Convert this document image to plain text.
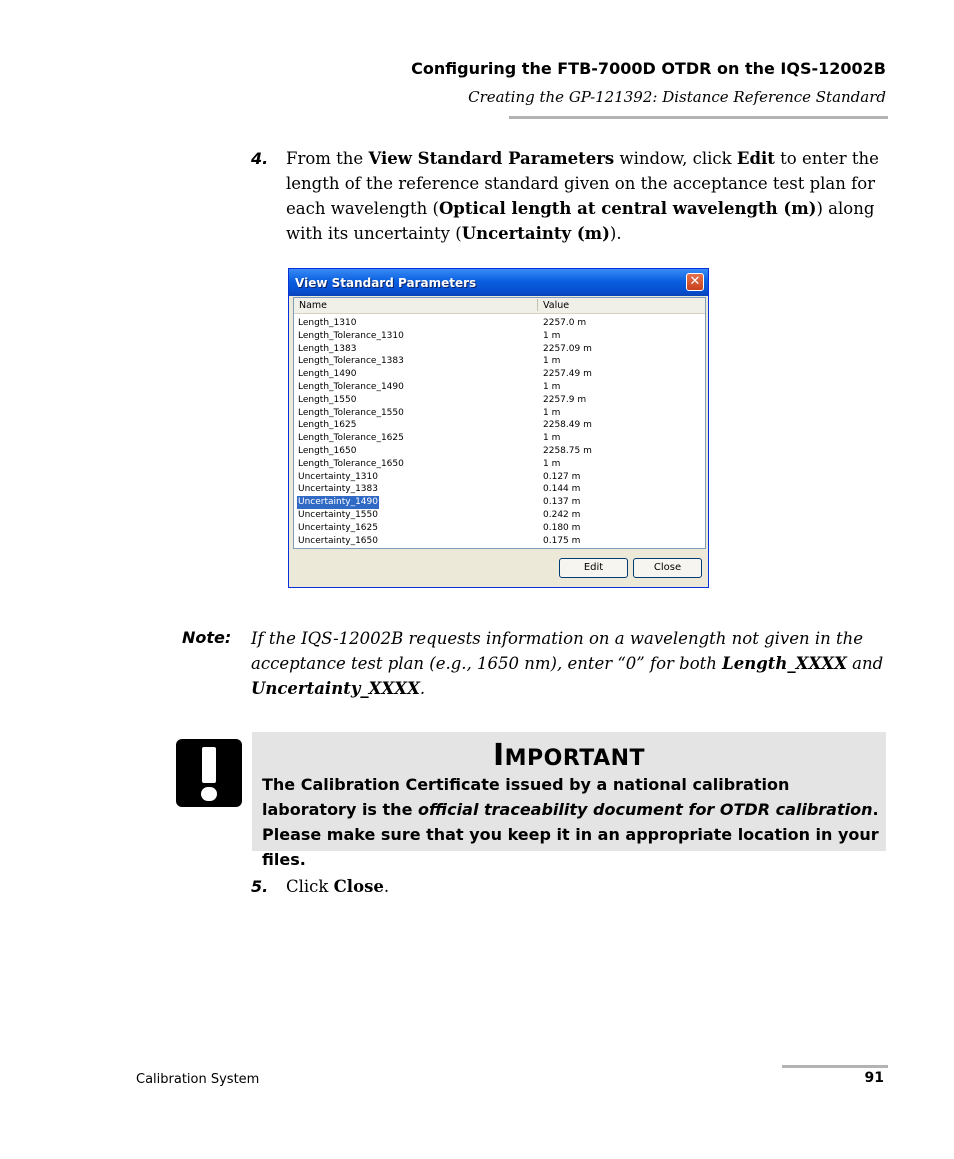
Configuring the FTB-7000D OTDR on the IQS-12002B
Creating the GP-121392: Distance Reference Standard
4. From the View Standard Parameters window, click Edit to enter the length of the reference standard given on the acceptance test plan for each wavelength (Optical length at central wavelength (m)) along with its uncertainty (Uncertainty (m)).
View Standard Parameters	✕
Name	Value
Length_1310	2257.0 m
Length_Tolerance_1310	1 m
Length_1383	2257.09 m
Length_Tolerance_1383	1 m
Length_1490	2257.49 m
Length_Tolerance_1490	1 m
Length_1550	2257.9 m
Length_Tolerance_1550	1 m
Length_1625	2258.49 m
Length_Tolerance_1625	1 m
Length_1650	2258.75 m
Length_Tolerance_1650	1 m
Uncertainty_1310	0.127 m
Uncertainty_1383	0.144 m
Uncertainty_1490	0.137 m
Uncertainty_1550	0.242 m
Uncertainty_1625	0.180 m
Uncertainty_1650	0.175 m
Edit	Close
Note: If the IQS-12002B requests information on a wavelength not given in the acceptance test plan (e.g., 1650 nm), enter “0” for both Length_XXXX and Uncertainty_XXXX.
IMPORTANT
The Calibration Certificate issued by a national calibration laboratory is the official traceability document for OTDR calibration. Please make sure that you keep it in an appropriate location in your files.
5. Click Close.
Calibration System	91
